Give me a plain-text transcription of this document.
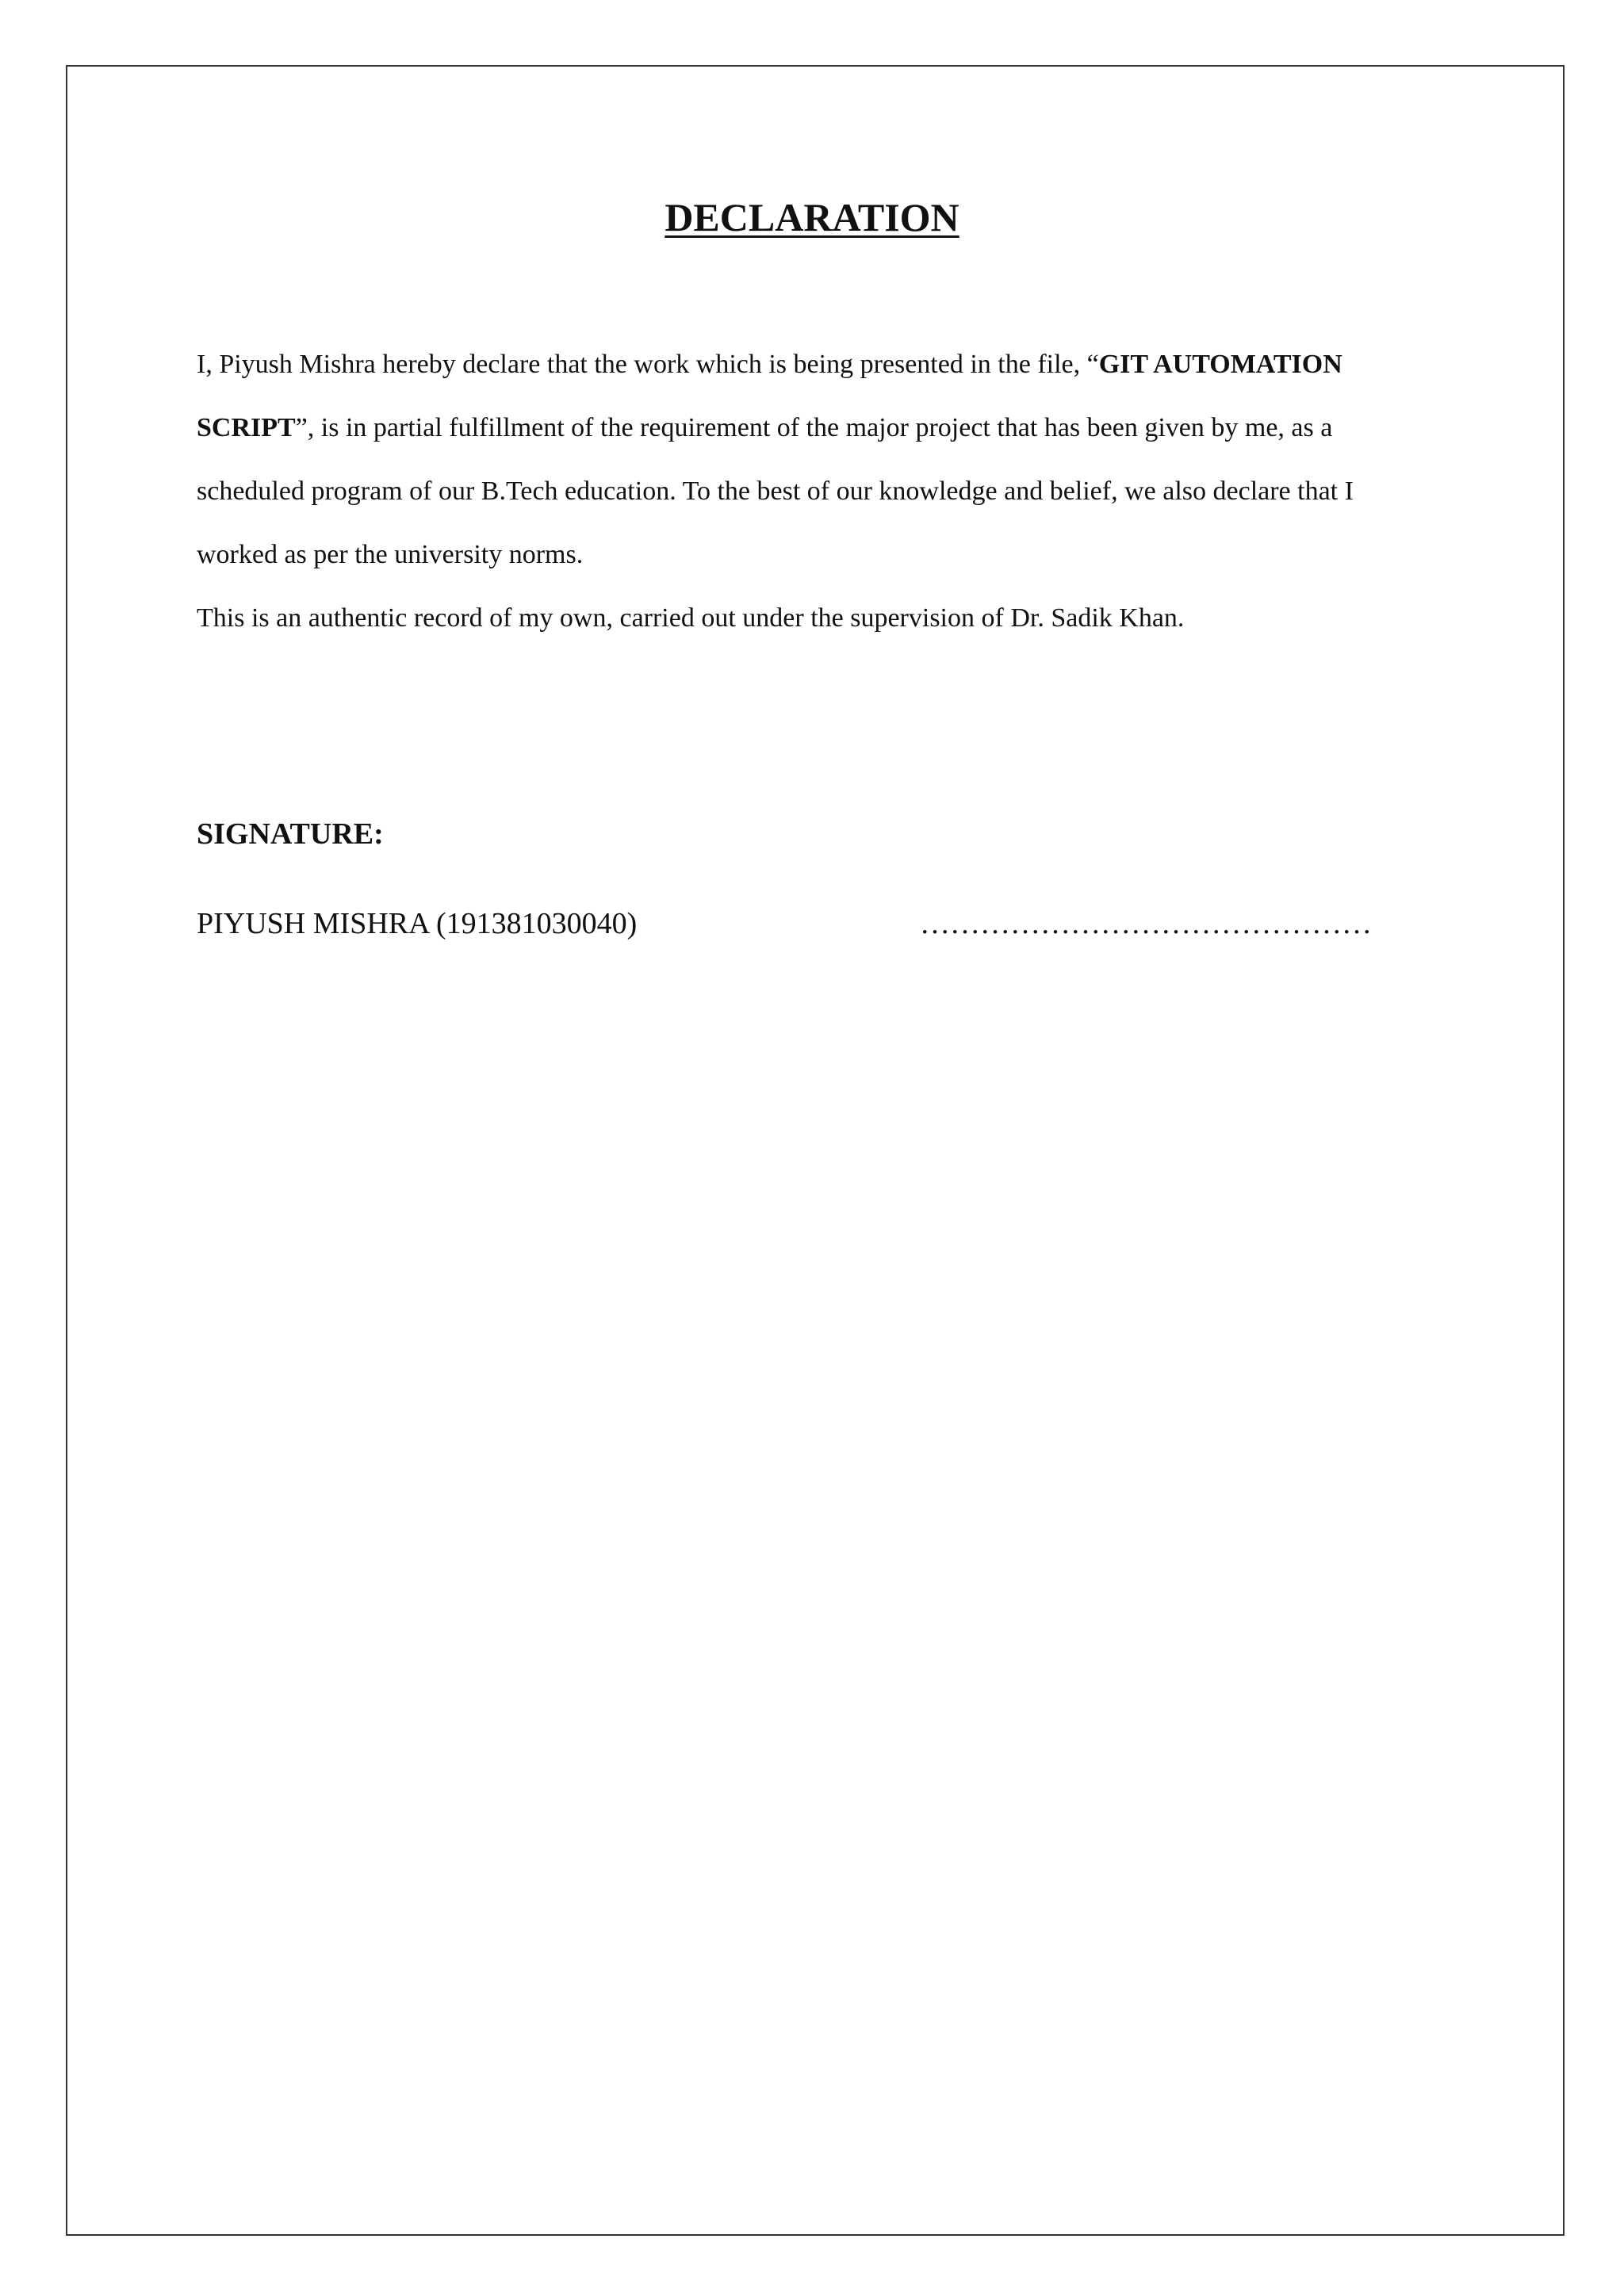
DECLARATION

I, Piyush Mishra hereby declare that the work which is being presented in the file, “GIT AUTOMATION
SCRIPT”, is in partial fulfillment of the requirement of the major project that has been given by me, as a
scheduled program of our B.Tech education. To the best of our knowledge and belief, we also declare that I
worked as per the university norms.

This is an authentic record of my own, carried out under the supervision of Dr. Sadik Khan.

SIGNATURE:

PIYUSH MISHRA (191381030040)	………………………………………
